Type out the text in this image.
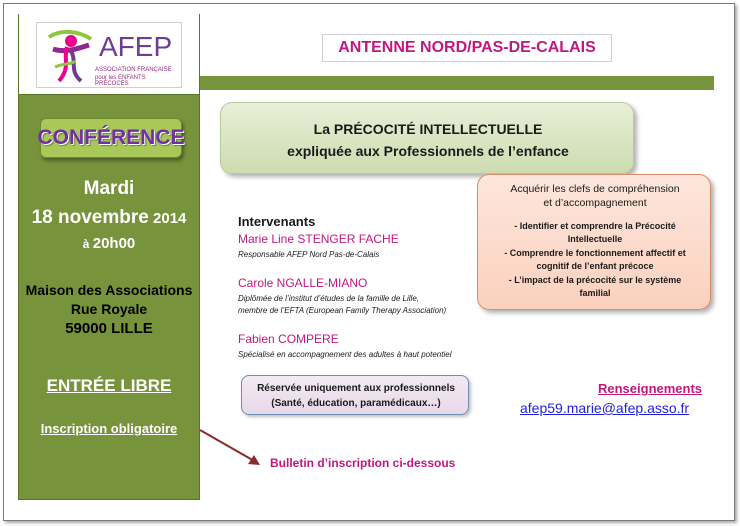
AFEP
ASSOCIATION FRANÇAISE
pour les ENFANTS PRÉCOCES
CONFÉRENCE
Mardi
18 novembre 2014
à 20h00
Maison des Associations
Rue Royale
59000 LILLE
ENTRÉE LIBRE
Inscription obligatoire
ANTENNE NORD/PAS-DE-CALAIS
La PRÉCOCITÉ INTELLECTUELLE
expliquée aux Professionnels de l’enfance
Intervenants
Marie Line STENGER FACHE
Responsable AFEP Nord Pas-de-Calais
Carole NGALLE-MIANO
Diplômée de l’institut d’études de la famille de Lille,
membre de l’EFTA (European Family Therapy Association)
Fabien COMPERE
Spécialisé en accompagnement des adultes à haut potentiel
Acquérir les clefs de compréhension
et d’accompagnement
- Identifier et comprendre la Précocité
Intellectuelle
- Comprendre le fonctionnement affectif et
cognitif de l’enfant précoce
- L’impact de la précocité sur le système
familial
Réservée uniquement aux professionnels
(Santé, éducation, paramédicaux…)
Renseignements
afep59.marie@afep.asso.fr
Bulletin d’inscription ci-dessous
